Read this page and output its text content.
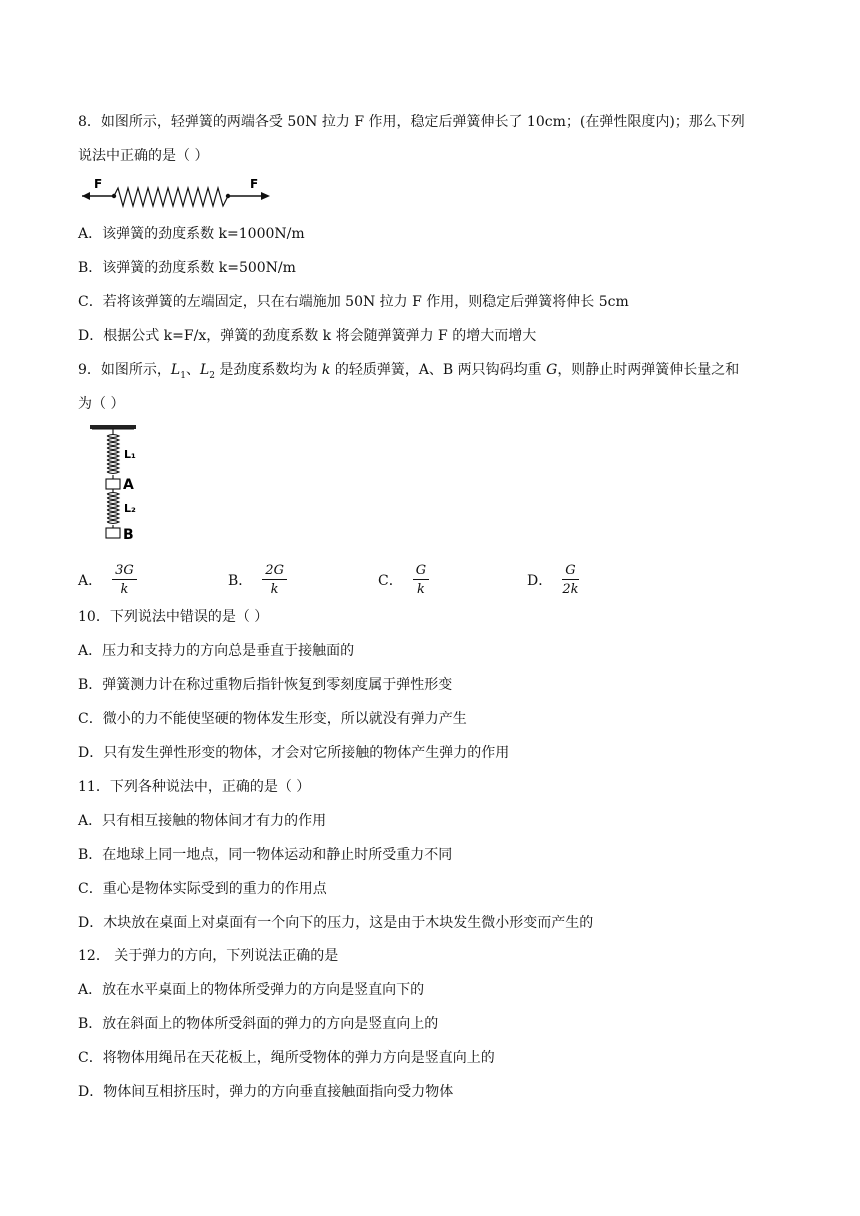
8．如图所示，轻弹簧的两端各受 50N 拉力 F 作用，稳定后弹簧伸长了 10cm；(在弹性限度内)；那么下列
说法中正确的是（ ）
F	F
A．该弹簧的劲度系数 k=1000N/m
B．该弹簧的劲度系数 k=500N/m
C．若将该弹簧的左端固定，只在右端施加 50N 拉力 F 作用，则稳定后弹簧将伸长 5cm
D．根据公式 k=F/x，弹簧的劲度系数 k 将会随弹簧弹力 F 的增大而增大
9．如图所示，$L_1$、$L_2$ 是劲度系数均为 k 的轻质弹簧，A、B 两只钩码均重 G，则静止时两弹簧伸长量之和
为（ ）
L₁
A
L₂
B
A． $\frac{3G}{k}$	B． $\frac{2G}{k}$	C． $\frac{G}{k}$	D． $\frac{G}{2k}$
10．下列说法中错误的是（ ）
A．压力和支持力的方向总是垂直于接触面的
B．弹簧测力计在称过重物后指针恢复到零刻度属于弹性形变
C．微小的力不能使坚硬的物体发生形变，所以就没有弹力产生
D．只有发生弹性形变的物体，才会对它所接触的物体产生弹力的作用
11．下列各种说法中，正确的是（ ）
A．只有相互接触的物体间才有力的作用
B．在地球上同一地点，同一物体运动和静止时所受重力不同
C．重心是物体实际受到的重力的作用点
D．木块放在桌面上对桌面有一个向下的压力，这是由于木块发生微小形变而产生的
12． 关于弹力的方向，下列说法正确的是
A．放在水平桌面上的物体所受弹力的方向是竖直向下的
B．放在斜面上的物体所受斜面的弹力的方向是竖直向上的
C．将物体用绳吊在天花板上，绳所受物体的弹力方向是竖直向上的
D．物体间互相挤压时，弹力的方向垂直接触面指向受力物体
